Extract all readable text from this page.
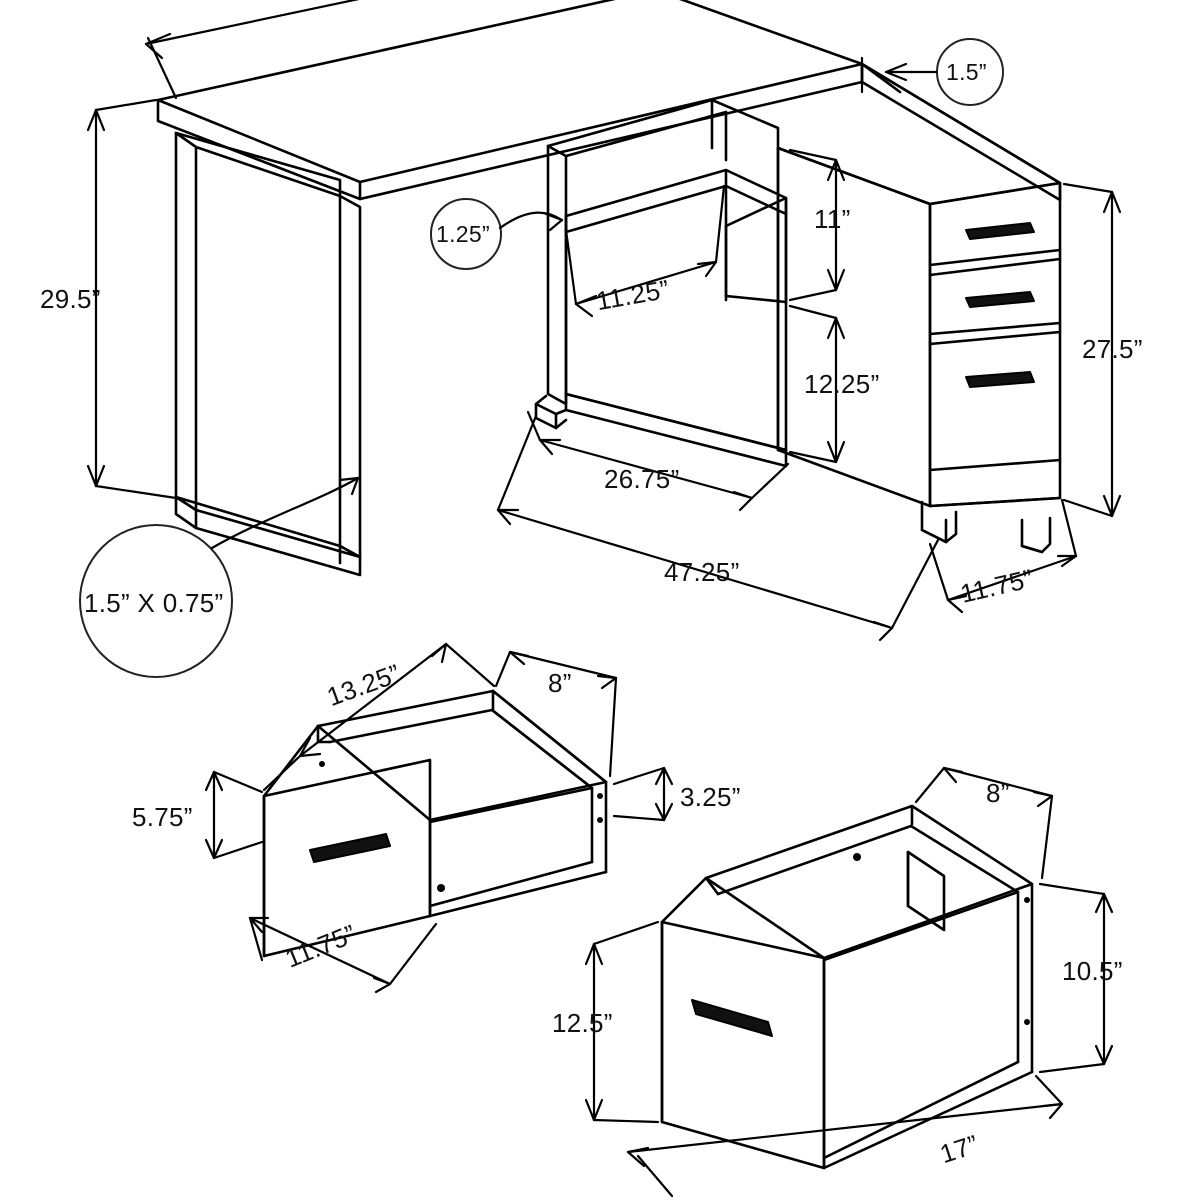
29.5”
1.5”
1.25”
11.25”
11”
12.25”
27.5”
26.75”
47.25”	11.75”
1.5” X 0.75”
13.25”	8”
5.75”
3.25”
11.75”
8”
10.5”
12.5”
17”
